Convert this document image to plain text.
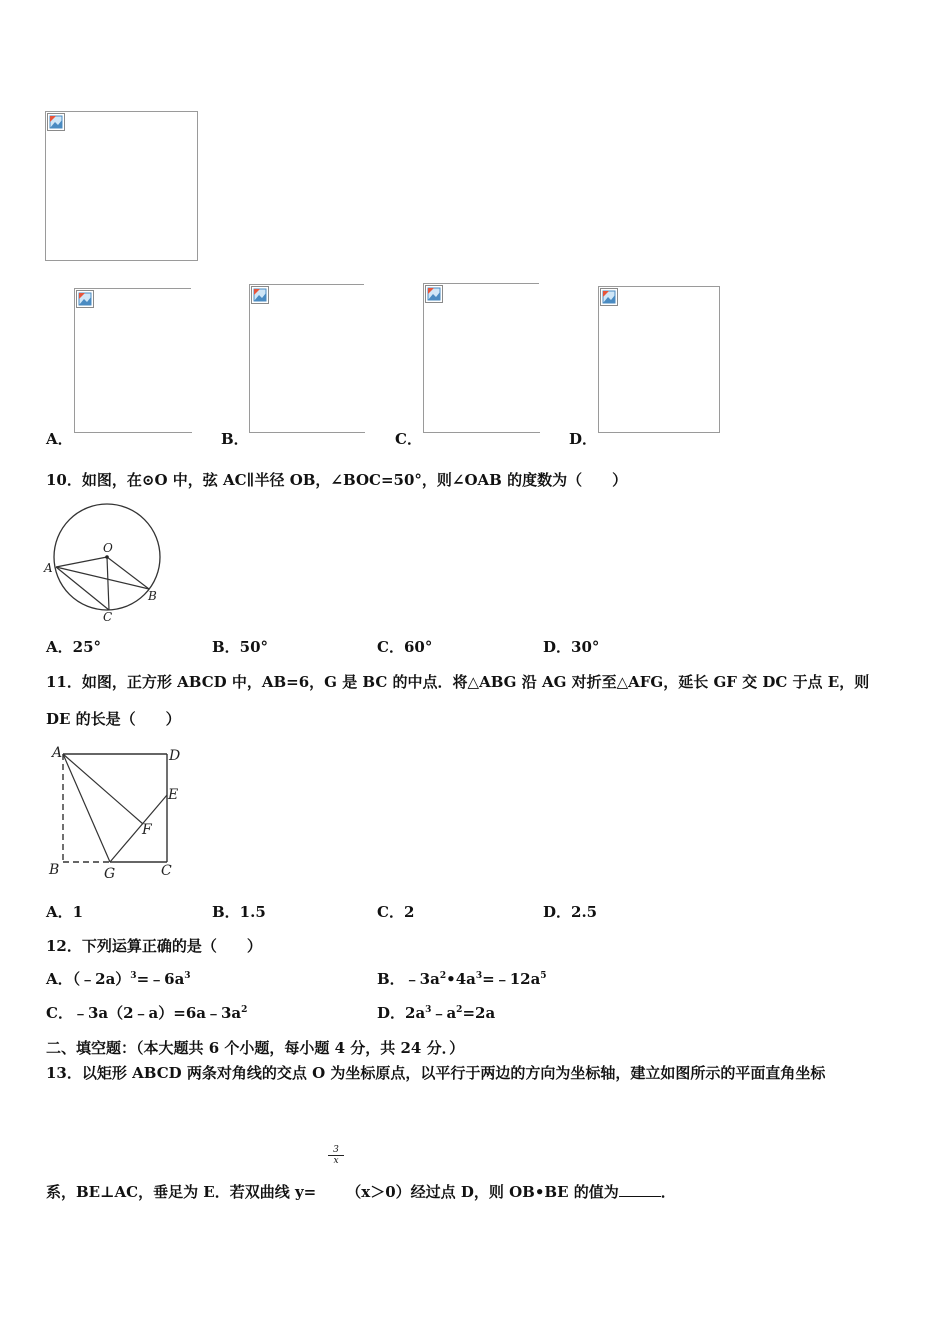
A．	B．	C．	D．
10．如图，在⊙O 中，弦 AC∥半径 OB，∠BOC=50°，则∠OAB 的度数为（　　）
O
A
B
C
A．25°	B．50°	C．60°	D．30°
11．如图，正方形 ABCD 中，AB=6，G 是 BC 的中点．将△ABG 沿 AG 对折至△AFG，延长 GF 交 DC 于点 E，则
DE 的长是（　　）
A	D
E
F
B	G	C
A．1	B．1.5	C．2	D．2.5
12．下列运算正确的是（　　）
A．$(﹣2a)^3=﹣6a^3$	B．$﹣3a^2•4a^3=﹣12a^5$
C．$﹣3a(2﹣a)=6a﹣3a^2$	D．$2a^3﹣a^2=2a$
二、填空题：（本大题共 6 个小题，每小题 4 分，共 24 分．）
13．以矩形 ABCD 两条对角线的交点 O 为坐标原点，以平行于两边的方向为坐标轴，建立如图所示的平面直角坐标
$\frac{3}{x}$
系，BE⊥AC，垂足为 E．若双曲线 y= （x＞0）经过点 D，则 OB•BE 的值为	．
